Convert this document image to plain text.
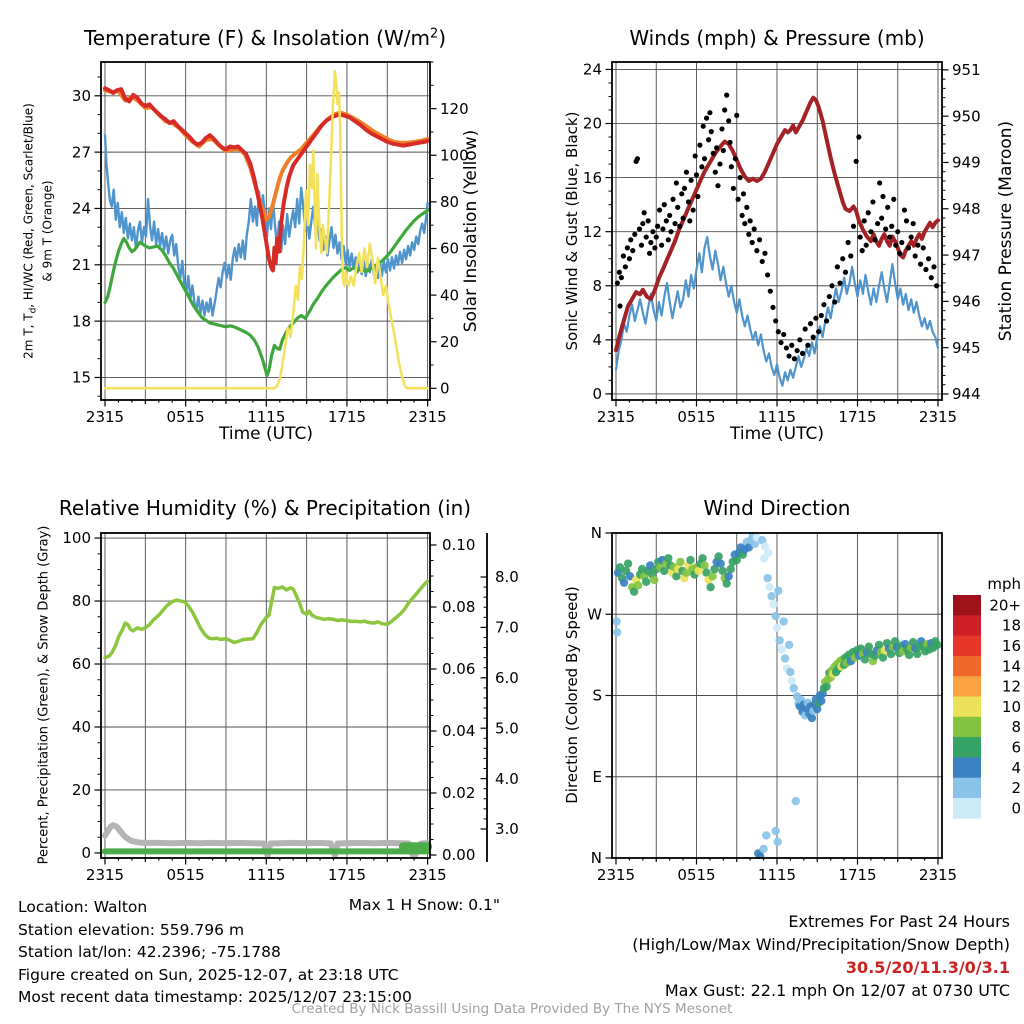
2315	0515	1115	1715	2315
15
18
21
24
27
30
0
20
40
60
80
100
120
2315	0515	1115	1715	2315
0
4
8
12
16
20
24
944
945
946
947
948
949
950
951
2315	0515	1115	1715	2315
0
20
40
60
80
100
0.00
0.02
0.04
0.06
0.08
0.10
3.0
4.0
5.0
6.0
7.0
8.0
2315	0515	1115	1715	2315
N
W
S
E
N
mph
20+
18
16
14
12
10
8
6
4
2
0
Temperature (F) & Insolation $(W/m^2)$	Winds (mph) & Pressure (mb)
Relative Humidity (%) & Precipitation (in)	Wind Direction
2m T, $T_d$, HI/WC (Red, Green, Scarlet/Blue) & 9m T (Orange)	Solar Insolation (Yellow)
Time (UTC)
Sonic Wind & Gust (Blue, Black)	Station Pressure (Maroon)
Time (UTC)
Percent, Precipitation (Green), & Snow Depth (Gray)	Direction (Colored By Speed)
Max 1 H Snow: 0.1"
Location: Walton
Station elevation: 559.796 m
Station lat/lon: 42.2396; -75.1788
Figure created on Sun, 2025-12-07, at 23:18 UTC
Most recent data timestamp: 2025/12/07 23:15:00
Extremes For Past 24 Hours
(High/Low/Max Wind/Precipitation/Snow Depth)
30.5/20/11.3/0/3.1
Max Gust: 22.1 mph On 12/07 at 0730 UTC
Created By Nick Bassill Using Data Provided By The NYS Mesonet
